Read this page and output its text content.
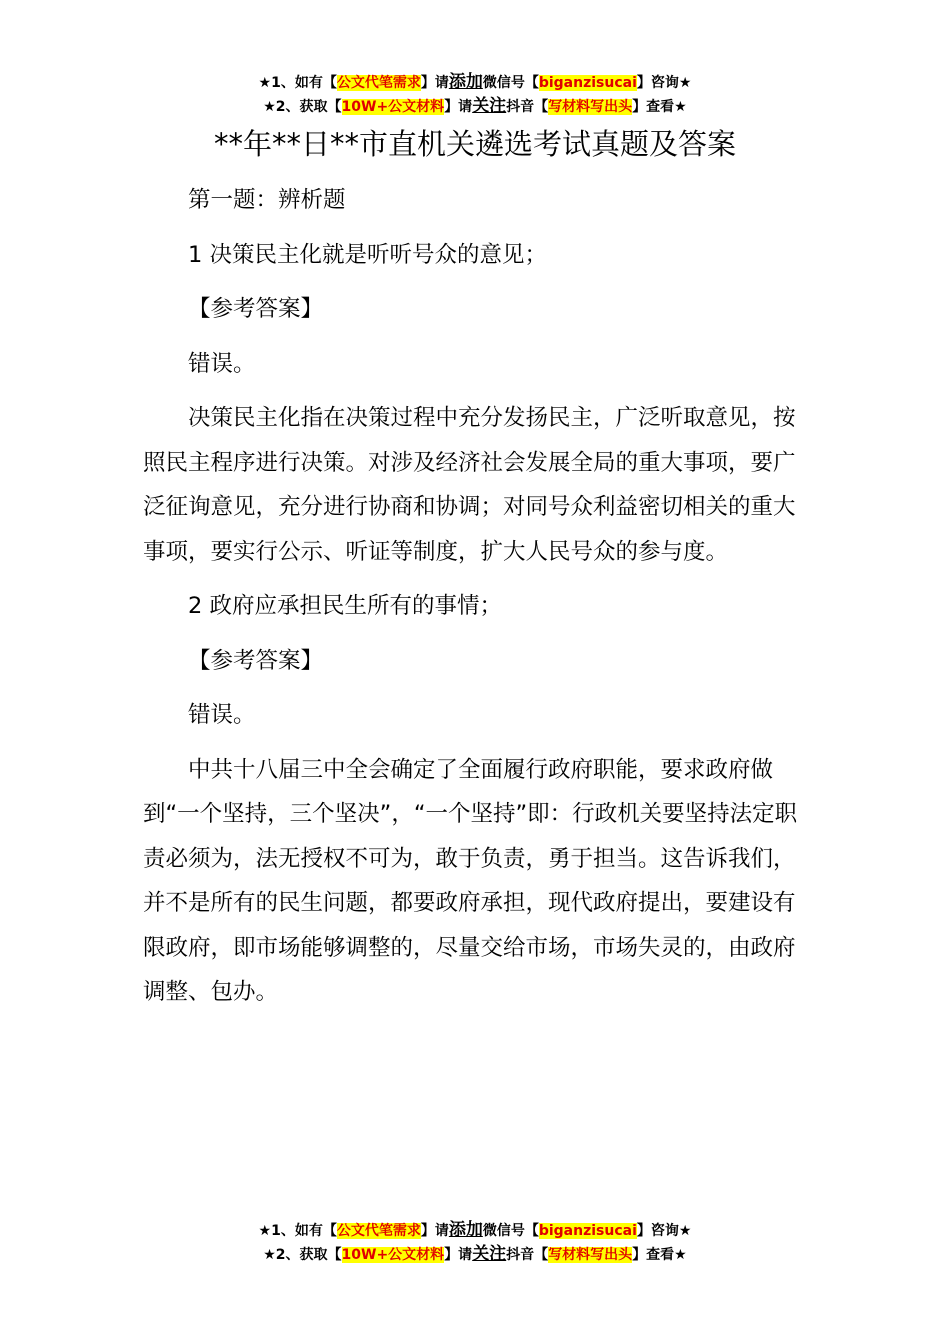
★1、如有【公文代笔需求】请添加微信号【biganzisucai】咨询★
★2、获取【10W+公文材料】请关注抖音【写材料写出头】查看★
**年**日**市直机关遴选考试真题及答案

第一题：辨析题

1 决策民主化就是听听号众的意见；

【参考答案】

错误。

决策民主化指在决策过程中充分发扬民主，广泛听取意见，按照民主程序进行决策。对涉及经济社会发展全局的重大事项，要广泛征询意见，充分进行协商和协调；对同号众利益密切相关的重大事项，要实行公示、听证等制度，扩大人民号众的参与度。

2 政府应承担民生所有的事情；

【参考答案】

错误。

中共十八届三中全会确定了全面履行政府职能，要求政府做到“一个坚持，三个坚决”，“一个坚持”即：行政机关要坚持法定职责必须为，法无授权不可为，敢于负责，勇于担当。这告诉我们，并不是所有的民生问题，都要政府承担，现代政府提出，要建设有限政府，即市场能够调整的，尽量交给市场，市场失灵的，由政府调整、包办。

★1、如有【公文代笔需求】请添加微信号【biganzisucai】咨询★
★2、获取【10W+公文材料】请关注抖音【写材料写出头】查看★
